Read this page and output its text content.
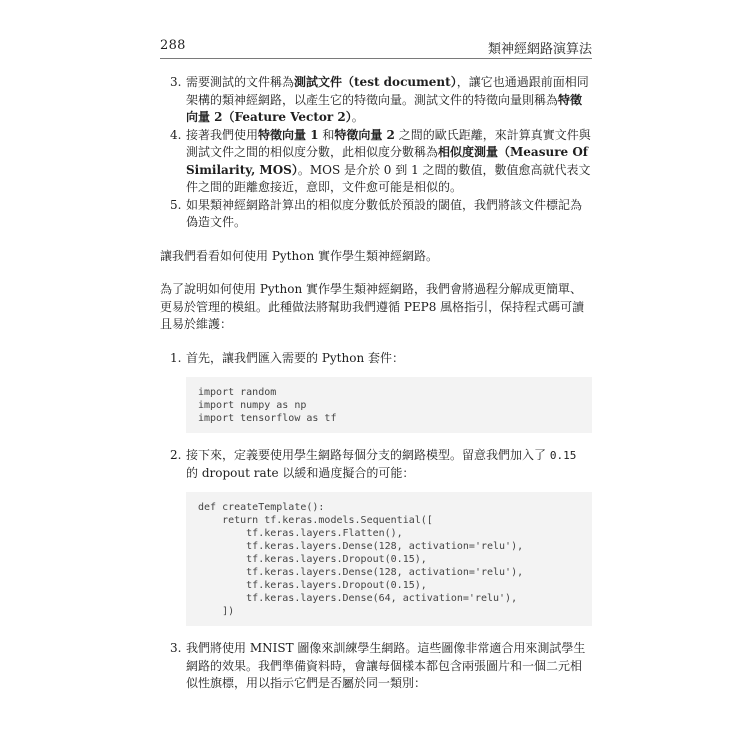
288	類神經網路演算法
3. 需要測試的文件稱為測試文件（test document），讓它也通過跟前面相同架構的類神經網路，以產生它的特徵向量。測試文件的特徵向量則稱為特徵向量 2（Feature Vector 2）。

4. 接著我們使用特徵向量 1 和特徵向量 2 之間的歐氏距離，來計算真實文件與測試文件之間的相似度分數，此相似度分數稱為相似度測量（Measure Of Similarity, MOS）。MOS 是介於 0 到 1 之間的數值，數值愈高就代表文件之間的距離愈接近，意即，文件愈可能是相似的。

5. 如果類神經網路計算出的相似度分數低於預設的閾值，我們將該文件標記為偽造文件。

讓我們看看如何使用 Python 實作學生類神經網路。

為了說明如何使用 Python 實作學生類神經網路，我們會將過程分解成更簡單、更易於管理的模組。此種做法將幫助我們遵循 PEP8 風格指引，保持程式碼可讀且易於維護：

1. 首先，讓我們匯入需要的 Python 套件：

import random
import numpy as np
import tensorflow as tf
2. 接下來，定義要使用學生網路每個分支的網路模型。留意我們加入了 0.15 的 dropout rate 以緩和過度擬合的可能：

def createTemplate():
return tf.keras.models.Sequential([
tf.keras.layers.Flatten(),
tf.keras.layers.Dense(128, activation='relu'),
tf.keras.layers.Dropout(0.15),
tf.keras.layers.Dense(128, activation='relu'),
tf.keras.layers.Dropout(0.15),
tf.keras.layers.Dense(64, activation='relu'),
])
3. 我們將使用 MNIST 圖像來訓練學生網路。這些圖像非常適合用來測試學生網路的效果。我們準備資料時，會讓每個樣本都包含兩張圖片和一個二元相似性旗標，用以指示它們是否屬於同一類別：
